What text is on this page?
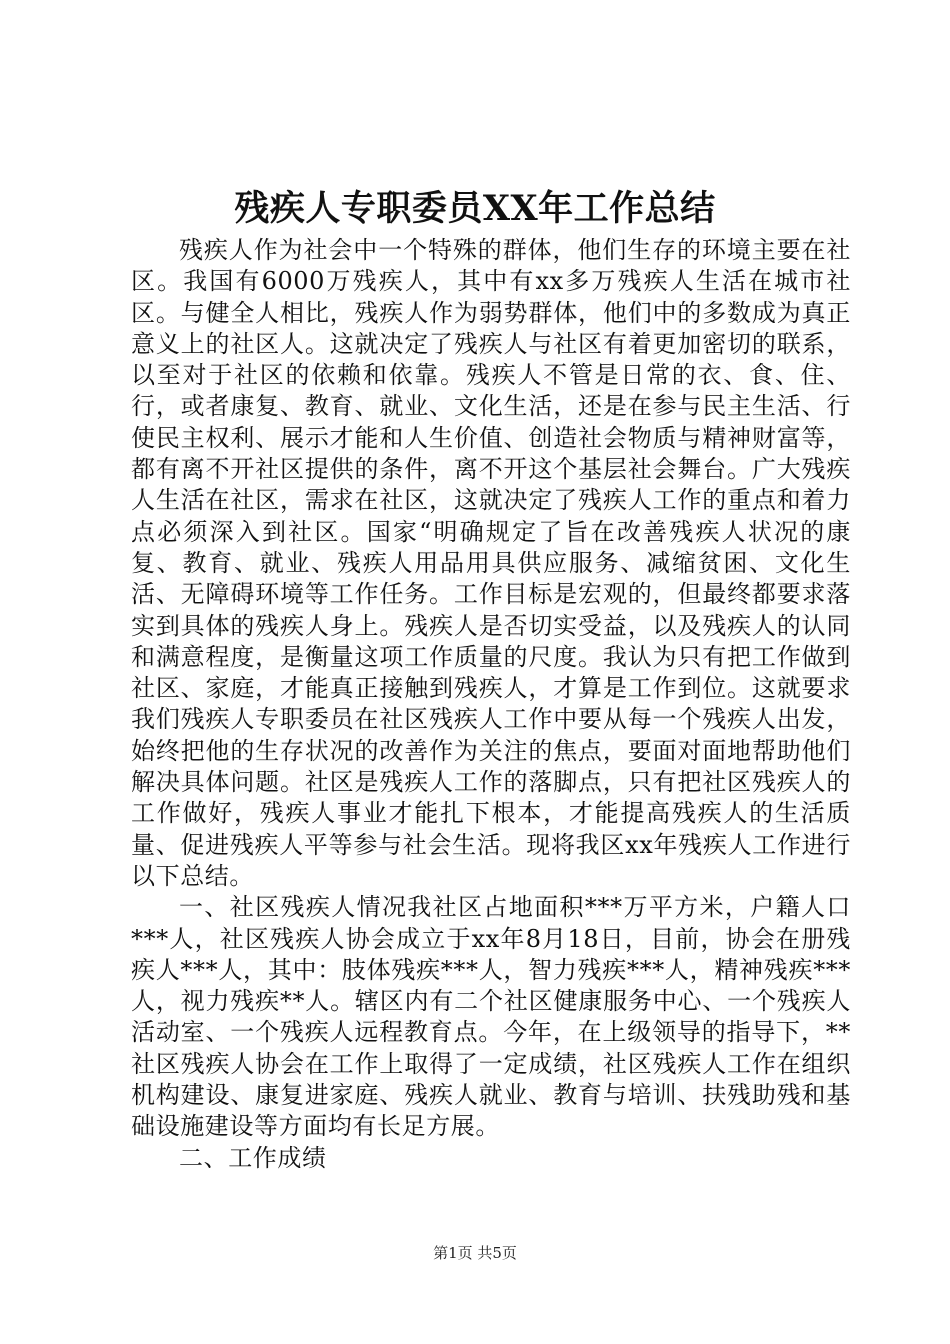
残疾人专职委员XX年工作总结

残疾人作为社会中一个特殊的群体，他们生存的环境主要在社区。我国有6000万残疾人，其中有xx多万残疾人生活在城市社区。与健全人相比，残疾人作为弱势群体，他们中的多数成为真正意义上的社区人。这就决定了残疾人与社区有着更加密切的联系，以至对于社区的依赖和依靠。残疾人不管是日常的衣、食、住、行，或者康复、教育、就业、文化生活，还是在参与民主生活、行使民主权利、展示才能和人生价值、创造社会物质与精神财富等，都有离不开社区提供的条件，离不开这个基层社会舞台。广大残疾人生活在社区，需求在社区，这就决定了残疾人工作的重点和着力点必须深入到社区。国家“明确规定了旨在改善残疾人状况的康复、教育、就业、残疾人用品用具供应服务、减缩贫困、文化生活、无障碍环境等工作任务。工作目标是宏观的，但最终都要求落实到具体的残疾人身上。残疾人是否切实受益，以及残疾人的认同和满意程度，是衡量这项工作质量的尺度。我认为只有把工作做到社区、家庭，才能真正接触到残疾人，才算是工作到位。这就要求我们残疾人专职委员在社区残疾人工作中要从每一个残疾人出发，始终把他的生存状况的改善作为关注的焦点，要面对面地帮助他们解决具体问题。社区是残疾人工作的落脚点，只有把社区残疾人的工作做好，残疾人事业才能扎下根本，才能提高残疾人的生活质量、促进残疾人平等参与社会生活。现将我区xx年残疾人工作进行以下总结。

一、社区残疾人情况我社区占地面积***万平方米，户籍人口***人，社区残疾人协会成立于xx年8月18日，目前，协会在册残疾人***人，其中：肢体残疾***人，智力残疾***人，精神残疾***人，视力残疾**人。辖区内有二个社区健康服务中心、一个残疾人活动室、一个残疾人远程教育点。今年，在上级领导的指导下，**社区残疾人协会在工作上取得了一定成绩，社区残疾人工作在组织机构建设、康复进家庭、残疾人就业、教育与培训、扶残助残和基础设施建设等方面均有长足方展。

二、工作成绩

第1页 共5页
